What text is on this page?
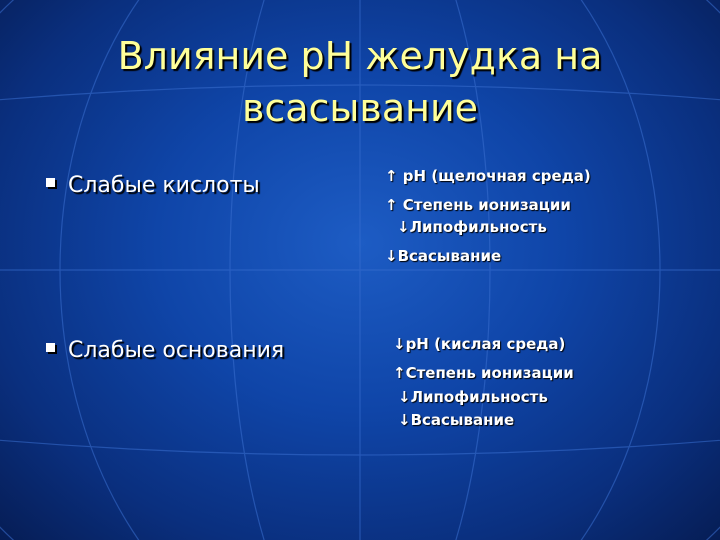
Влияние pH желудка на
всасывание
Слабые кислоты	↑ pH (щелочная среда)
↑ Степень ионизации
↓Липофильность
↓Всасывание
Слабые основания	↓pH (кислая среда)
↑Степень ионизации
↓Липофильность
↓Всасывание
